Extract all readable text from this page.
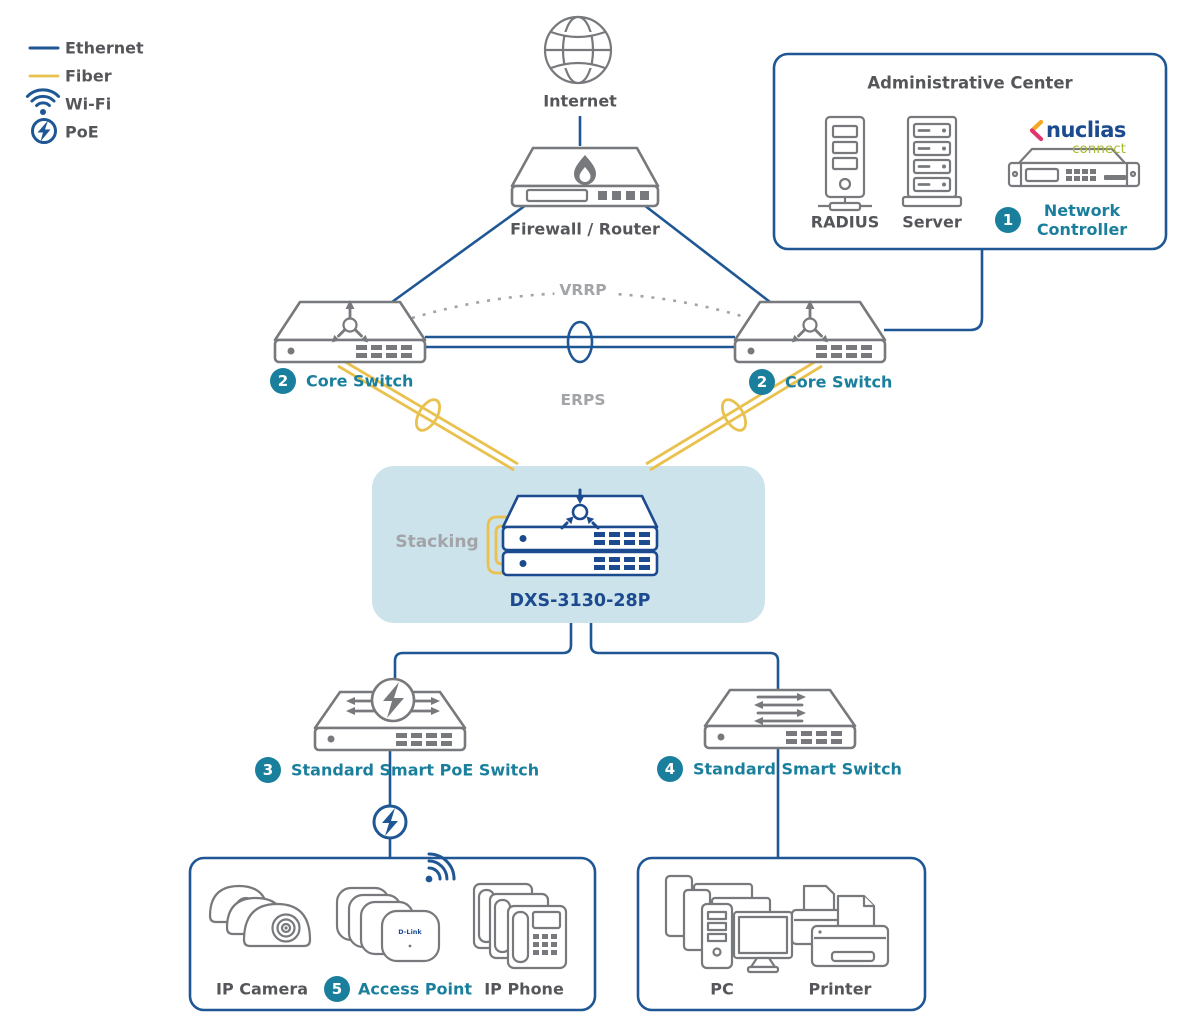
D-Link
Ethernet
Fiber
Wi-Fi
PoE
Internet
Firewall / Router
Administrative Center
RADIUS Server
nuclias
connect
1	Network Controller
2	Core Switch	2	Core Switch
VRRP
ERPS
Stacking
DXS-3130-28P
3	Standard Smart PoE Switch	4	Standard Smart Switch
IP Camera	5 Access Point IP Phone	PC	Printer
